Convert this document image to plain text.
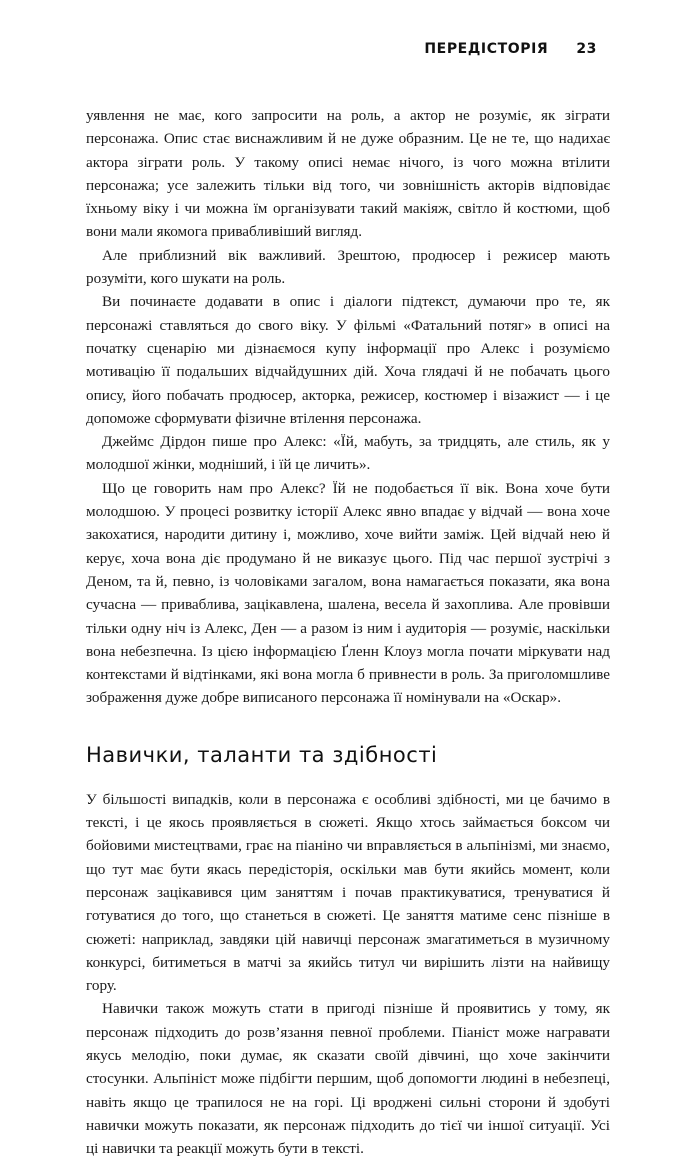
ПЕРЕДІСТОРІЯ 23

уявлення не має, кого запросити на роль, а актор не розуміє, як зіграти персонажа. Опис стає виснажливим й не дуже образним. Це не те, що надихає актора зіграти роль. У такому описі немає нічого, із чого можна втілити персонажа; усе залежить тільки від того, чи зовнішність акторів відповідає їхньому віку і чи можна їм організувати такий макіяж, світло й костюми, щоб вони мали якомога привабливіший вигляд.

Але приблизний вік важливий. Зрештою, продюсер і режисер мають розуміти, кого шукати на роль.

Ви починаєте додавати в опис і діалоги підтекст, думаючи про те, як персонажі ставляться до свого віку. У фільмі «Фатальний потяг» в описі на початку сценарію ми дізнаємося купу інформації про Алекс і розуміємо мотивацію її подальших відчайдушних дій. Хоча глядачі й не побачать цього опису, його побачать продюсер, акторка, режисер, костюмер і візажист — і це допоможе сформувати фізичне втілення персонажа.

Джеймс Дірдон пише про Алекс: «Їй, мабуть, за тридцять, але стиль, як у молодшої жінки, модніший, і їй це личить».

Що це говорить нам про Алекс? Їй не подобається її вік. Вона хоче бути молодшою. У процесі розвитку історії Алекс явно впадає у відчай — вона хоче закохатися, народити дитину і, можливо, хоче вийти заміж. Цей відчай нею й керує, хоча вона діє продумано й не виказує цього. Під час першої зустрічі з Деном, та й, певно, із чоловіками загалом, вона намагається показати, яка вона сучасна — приваблива, зацікавлена, шалена, весела й захоплива. Але провівши тільки одну ніч із Алекс, Ден — а разом із ним і аудиторія — розуміє, наскільки вона небезпечна. Із цією інформацією Ґленн Клоуз могла почати міркувати над контекстами й відтінками, які вона могла б привнести в роль. За приголомшливе зображення дуже добре виписаного персонажа її номінували на «Оскар».

Навички, таланти та здібності

У більшості випадків, коли в персонажа є особливі здібності, ми це бачимо в тексті, і це якось проявляється в сюжеті. Якщо хтось займається боксом чи бойовими мистецтвами, грає на піаніно чи вправляється в альпінізмі, ми знаємо, що тут має бути якась передісторія, оскільки мав бути якийсь момент, коли персонаж зацікавився цим заняттям і почав практикуватися, тренуватися й готуватися до того, що станеться в сюжеті. Це заняття матиме сенс пізніше в сюжеті: наприклад, завдяки цій навичці персонаж змагатиметься в музичному конкурсі, битиметься в матчі за якийсь титул чи вирішить лізти на найвищу гору.

Навички також можуть стати в пригоді пізніше й проявитись у тому, як персонаж підходить до розв’язання певної проблеми. Піаніст може награвати якусь мелодію, поки думає, як сказати своїй дівчині, що хоче закінчити стосунки. Альпініст може підбігти першим, щоб допомогти людині в небезпеці, навіть якщо це трапилося не на горі. Ці вроджені сильні сторони й здобуті навички можуть показати, як персонаж підходить до тієї чи іншої ситуації. Усі ці навички та реакції можуть бути в тексті.
